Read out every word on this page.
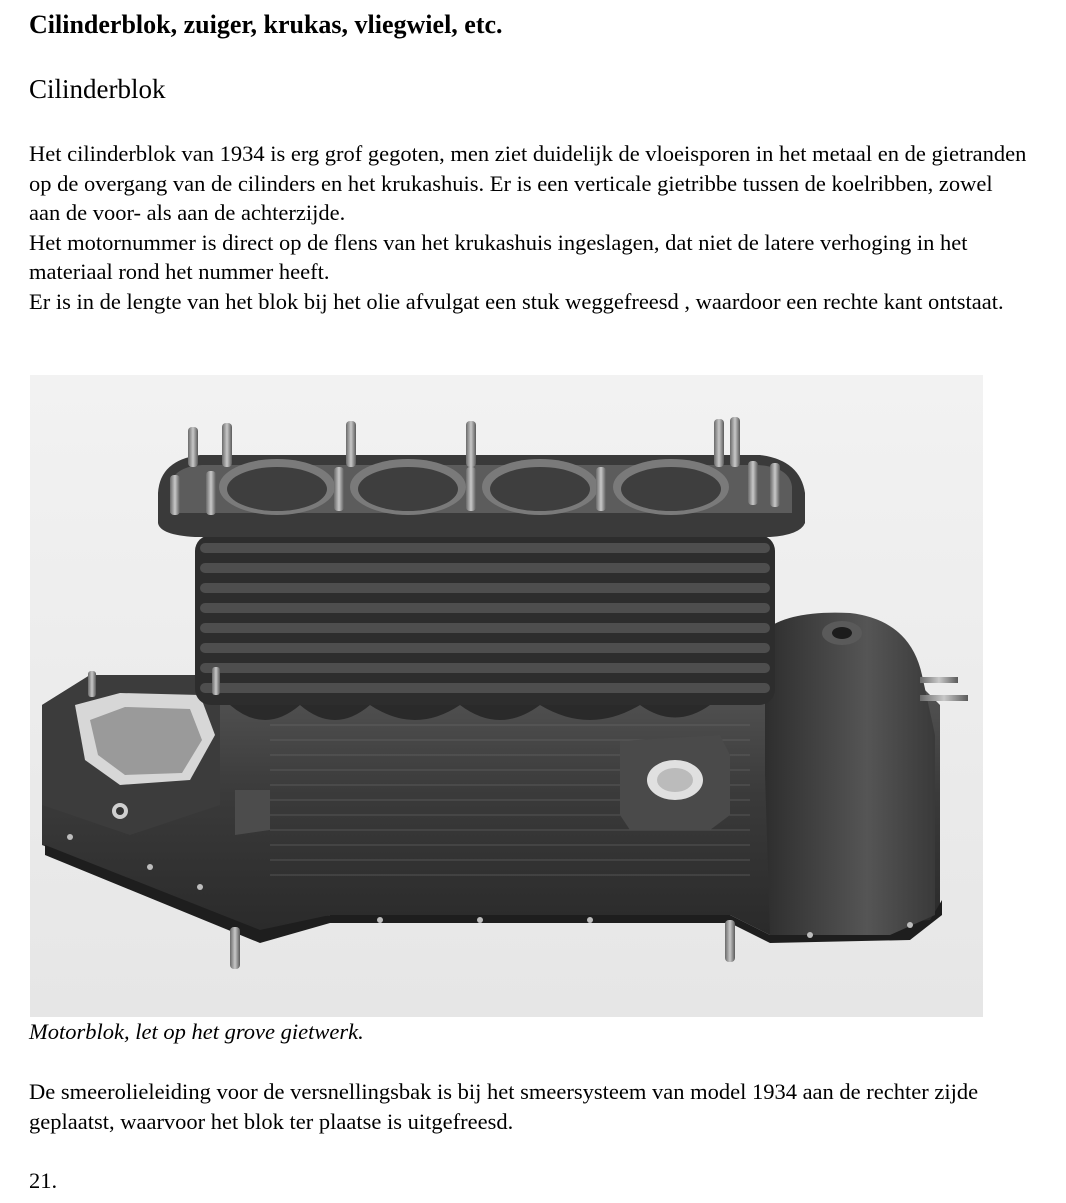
Cilinderblok, zuiger, krukas, vliegwiel, etc.
Cilinderblok

Het cilinderblok van 1934 is erg grof gegoten, men ziet duidelijk de vloeisporen in het metaal en de gietranden op de overgang van de cilinders en het krukashuis. Er is een verticale gietribbe tussen de koelribben, zowel aan de voor- als aan de achterzijde.

Het motornummer is direct op de flens van het krukashuis ingeslagen, dat niet de latere verhoging in het materiaal rond het nummer heeft.

Er is in de lengte van het blok bij het olie afvulgat een stuk weggefreesd , waardoor een rechte kant ontstaat.

Motorblok, let op het grove gietwerk.

De smeerolieleiding voor de versnellingsbak is bij het smeersysteem van model 1934 aan de rechter zijde geplaatst, waarvoor het blok ter plaatse is uitgefreesd.

21.
